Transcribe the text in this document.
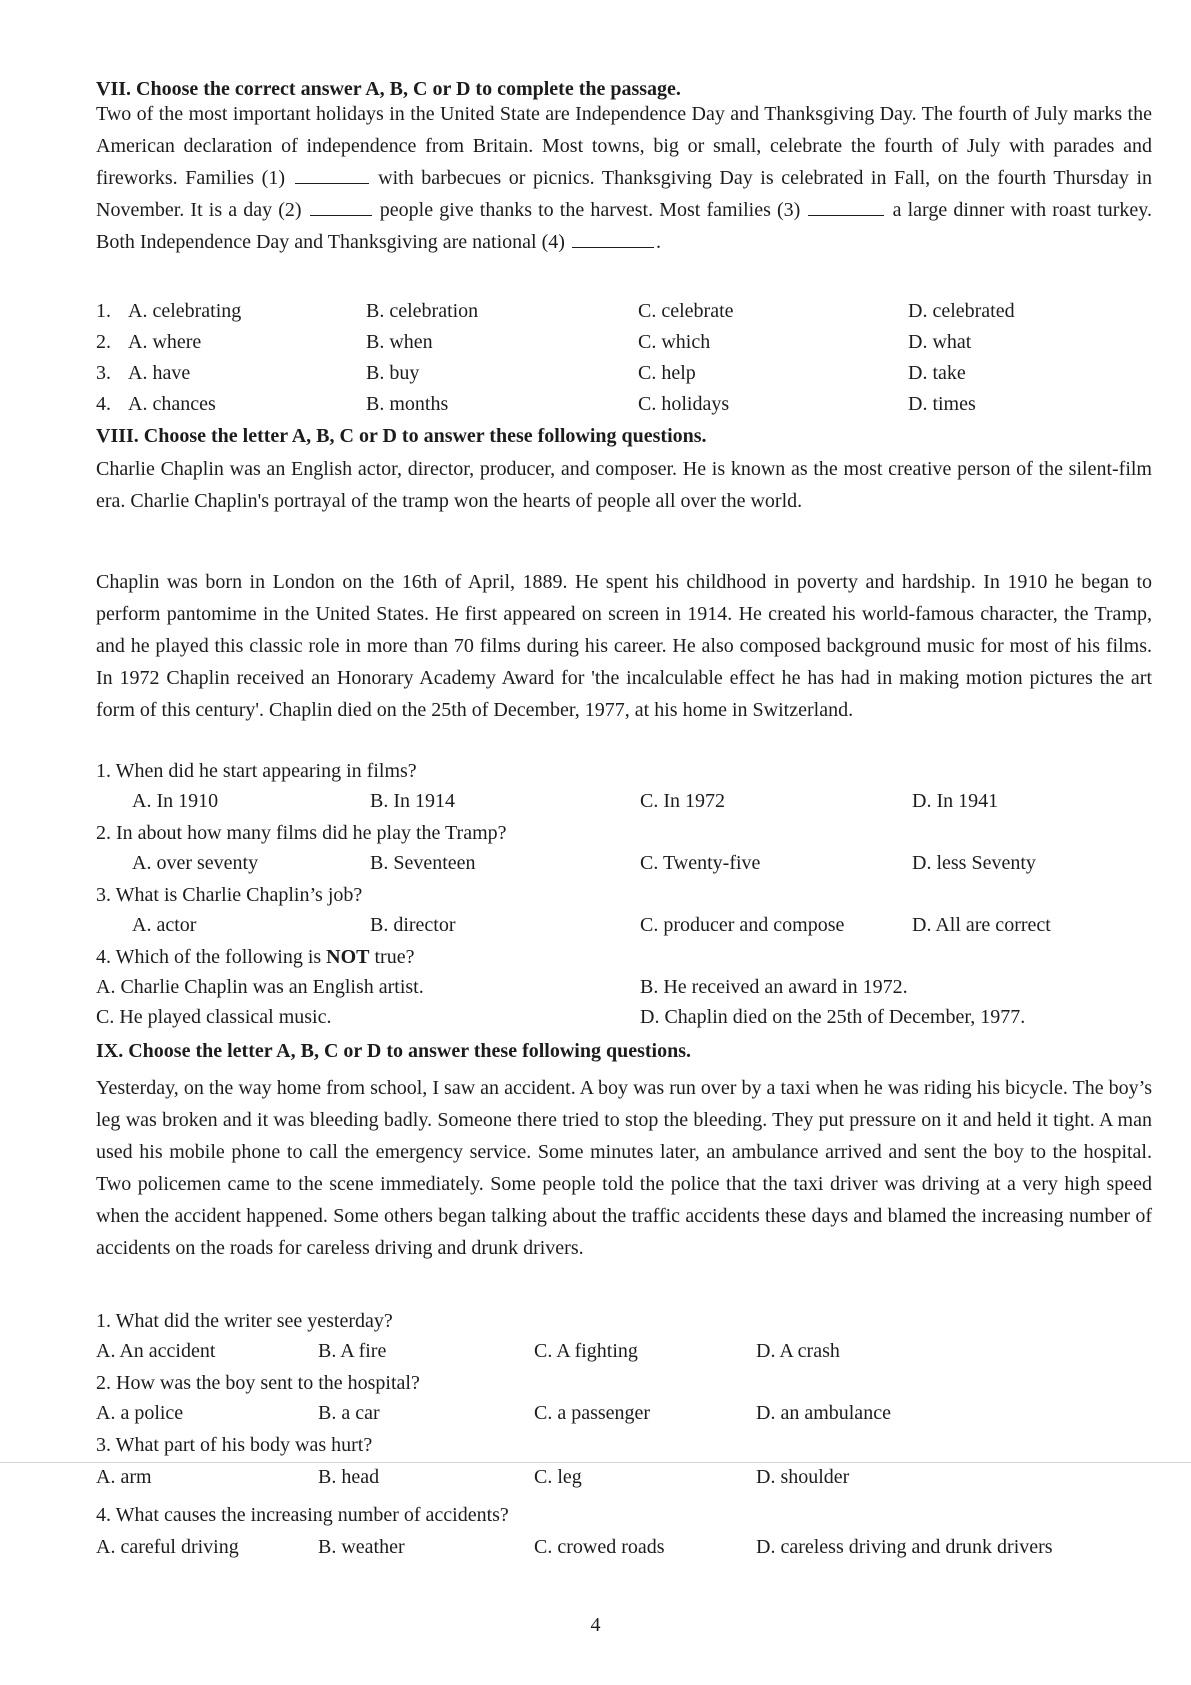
VII. Choose the correct answer A, B, C or D to complete the passage.
Two of the most important holidays in the United State are Independence Day and Thanksgiving Day. The fourth of July marks the American declaration of independence from Britain. Most towns, big or small, celebrate the fourth of July with parades and fireworks. Families (1)	with barbecues or picnics. Thanksgiving Day is celebrated in Fall, on the fourth Thursday in November. It is a day (2)	people give thanks to the harvest. Most families (3)	a large dinner with roast turkey. Both Independence Day and Thanksgiving are national (4)	.
1. A. celebrating	B. celebration	C. celebrate	D. celebrated
2. A. where	B. when	C. which	D. what
3. A. have	B. buy	C. help	D. take
4. A. chances	B. months	C. holidays	D. times
VIII. Choose the letter A, B, C or D to answer these following questions.
Charlie Chaplin was an English actor, director, producer, and composer. He is known as the most creative person of the silent-film era. Charlie Chaplin's portrayal of the tramp won the hearts of people all over the world.
Chaplin was born in London on the 16th of April, 1889. He spent his childhood in poverty and hardship. In 1910 he began to perform pantomime in the United States. He first appeared on screen in 1914. He created his world-famous character, the Tramp, and he played this classic role in more than 70 films during his career. He also composed background music for most of his films. In 1972 Chaplin received an Honorary Academy Award for 'the incalculable effect he has had in making motion pictures the art form of this century'. Chaplin died on the 25th of December, 1977, at his home in Switzerland.
1. When did he start appearing in films?
A. In 1910	B. In 1914	C. In 1972	D. In 1941
2. In about how many films did he play the Tramp?
A. over seventy	B. Seventeen	C. Twenty-five	D. less Seventy
3. What is Charlie Chaplin’s job?
A. actor	B. director	C. producer and compose	D. All are correct
4. Which of the following is NOT true?
A. Charlie Chaplin was an English artist.	B. He received an award in 1972.
C. He played classical music.	D. Chaplin died on the 25th of December, 1977.
IX. Choose the letter A, B, C or D to answer these following questions.
Yesterday, on the way home from school, I saw an accident. A boy was run over by a taxi when he was riding his bicycle. The boy’s leg was broken and it was bleeding badly. Someone there tried to stop the bleeding. They put pressure on it and held it tight. A man used his mobile phone to call the emergency service. Some minutes later, an ambulance arrived and sent the boy to the hospital. Two policemen came to the scene immediately. Some people told the police that the taxi driver was driving at a very high speed when the accident happened. Some others began talking about the traffic accidents these days and blamed the increasing number of accidents on the roads for careless driving and drunk drivers.
1. What did the writer see yesterday?
A. An accident	B. A fire	C. A fighting	D. A crash
2. How was the boy sent to the hospital?
A. a police	B. a car	C. a passenger	D. an ambulance
3. What part of his body was hurt?
A. arm	B. head	C. leg	D. shoulder
4. What causes the increasing number of accidents?
A. careful driving	B. weather	C. crowed roads	D. careless driving and drunk drivers
4
